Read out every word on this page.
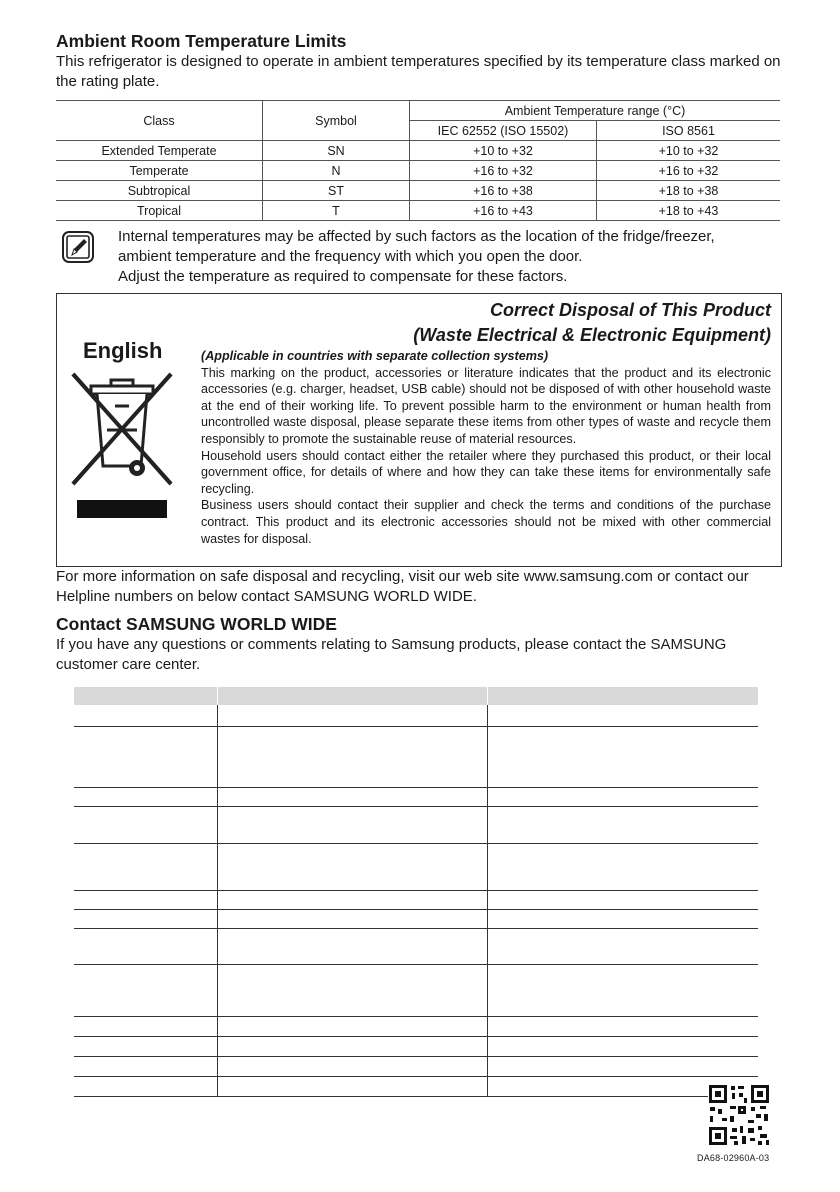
Ambient Room Temperature Limits

This refrigerator is designed to operate in ambient temperatures specified by its temperature class marked on the rating plate.

Class	Symbol	Ambient Temperature range (°C)	
		IEC 62552 (ISO 15502)	ISO 8561
Extended Temperate	SN	+10 to +32	+10 to +32
Temperate	N	+16 to +32	+16 to +32
Subtropical	ST	+16 to +38	+18 to +38
Tropical	T	+16 to +43	+18 to +43
Internal temperatures may be affected by such factors as the location of the fridge/freezer,
ambient temperature and the frequency with which you open the door.
Adjust the temperature as required to compensate for these factors.
English
Correct Disposal of This Product
(Waste Electrical & Electronic Equipment)
(Applicable in countries with separate collection systems)
This marking on the product, accessories or literature indicates that the product and its electronic accessories (e.g. charger, headset, USB cable) should not be disposed of with other household waste at the end of their working life. To prevent possible harm to the environment or human health from uncontrolled waste disposal, please separate these items from other types of waste and recycle them responsibly to promote the sustainable reuse of material resources.
Household users should contact either the retailer where they purchased this product, or their local government office, for details of where and how they can take these items for environmentally safe recycling.
Business users should contact their supplier and check the terms and conditions of the purchase contract. This product and its electronic accessories should not be mixed with other commercial wastes for disposal.

For more information on safe disposal and recycling, visit our web site www.samsung.com or contact our Helpline numbers on below contact SAMSUNG WORLD WIDE.

Contact SAMSUNG WORLD WIDE

If you have any questions or comments relating to Samsung products, please contact the SAMSUNG customer care center.

DA68-02960A-03
